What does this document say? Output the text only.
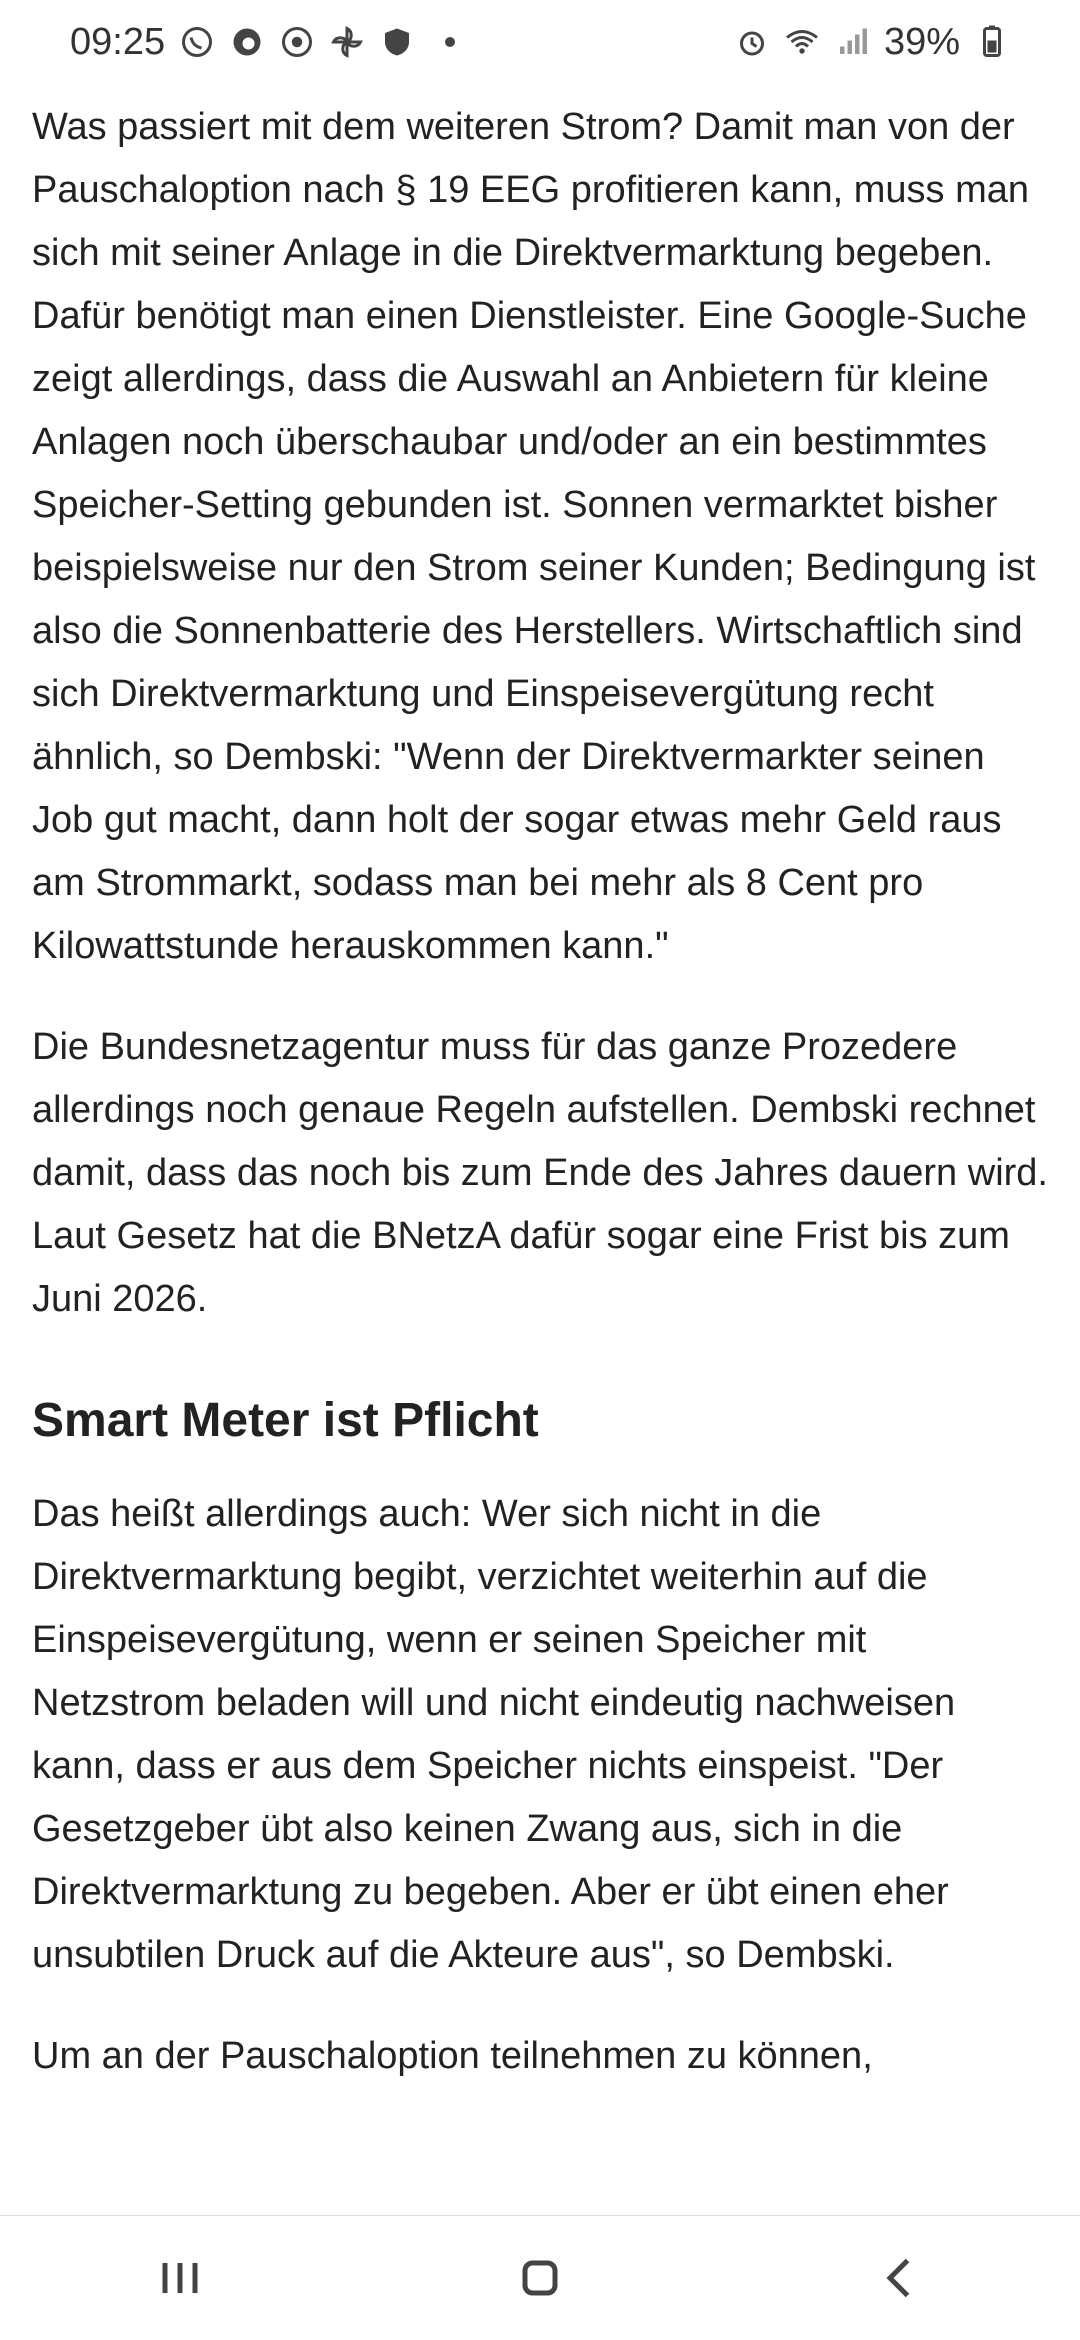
09:25	39%

Was passiert mit dem weiteren Strom? Damit man von der Pauschaloption nach § 19 EEG profitieren kann, muss man sich mit seiner Anlage in die Direktvermarktung begeben. Dafür benötigt man einen Dienstleister. Eine Google-Suche zeigt allerdings, dass die Auswahl an Anbietern für kleine Anlagen noch überschaubar und/oder an ein bestimmtes Speicher-Setting gebunden ist. Sonnen vermarktet bisher beispielsweise nur den Strom seiner Kunden; Bedingung ist also die Sonnenbatterie des Herstellers. Wirtschaftlich sind sich Direktvermarktung und Einspeisevergütung recht ähnlich, so Dembski: "Wenn der Direktvermarkter seinen Job gut macht, dann holt der sogar etwas mehr Geld raus am Strommarkt, sodass man bei mehr als 8 Cent pro Kilowattstunde herauskommen kann."

Die Bundesnetzagentur muss für das ganze Prozedere allerdings noch genaue Regeln aufstellen. Dembski rechnet damit, dass das noch bis zum Ende des Jahres dauern wird. Laut Gesetz hat die BNetzA dafür sogar eine Frist bis zum Juni 2026.

Smart Meter ist Pflicht

Das heißt allerdings auch: Wer sich nicht in die Direktvermarktung begibt, verzichtet weiterhin auf die Einspeisevergütung, wenn er seinen Speicher mit Netzstrom beladen will und nicht eindeutig nachweisen kann, dass er aus dem Speicher nichts einspeist. "Der Gesetzgeber übt also keinen Zwang aus, sich in die Direktvermarktung zu begeben. Aber er übt einen eher unsubtilen Druck auf die Akteure aus", so Dembski.

Um an der Pauschaloption teilnehmen zu können,
